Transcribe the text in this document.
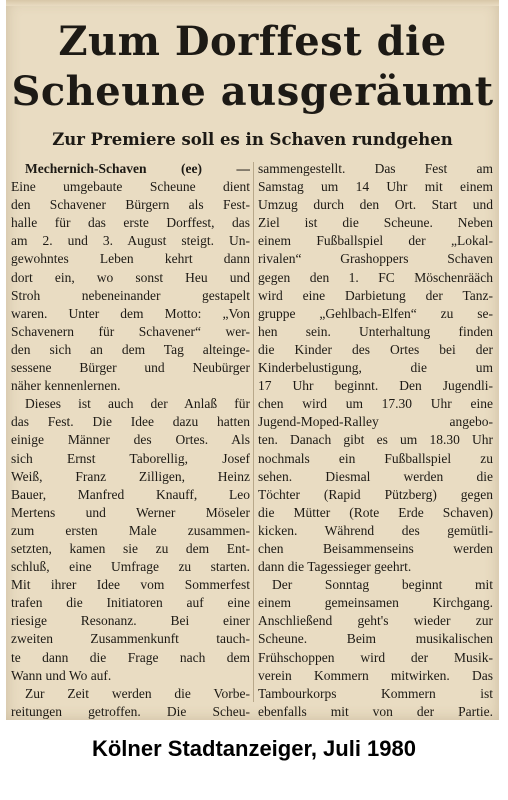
Zum Dorffest die
Scheune ausgeräumt
Zur Premiere soll es in Schaven rundgehen
Mechernich-Schaven (ee) —
Eine umgebaute Scheune dient
den Schavener Bürgern als Fest-
halle für das erste Dorffest, das
am 2. und 3. August steigt. Un-
gewohntes Leben kehrt dann
dort ein, wo sonst Heu und
Stroh nebeneinander gestapelt
waren. Unter dem Motto: „Von
Schavenern für Schavener“ wer-
den sich an dem Tag alteinge-
sessene Bürger und Neubürger
näher kennenlernen.
Dieses ist auch der Anlaß für
das Fest. Die Idee dazu hatten
einige Männer des Ortes. Als
sich Ernst Taborellig, Josef
Weiß, Franz Zilligen, Heinz
Bauer, Manfred Knauff, Leo
Mertens und Werner Möseler
zum ersten Male zusammen-
setzten, kamen sie zu dem Ent-
schluß, eine Umfrage zu starten.
Mit ihrer Idee vom Sommerfest
trafen die Initiatoren auf eine
riesige Resonanz. Bei einer
zweiten Zusammenkunft tauch-
te dann die Frage nach dem
Wann und Wo auf.
Zur Zeit werden die Vorbe-
reitungen getroffen. Die Scheu-
sammengestellt. Das Fest am
Samstag um 14 Uhr mit einem
Umzug durch den Ort. Start und
Ziel ist die Scheune. Neben
einem Fußballspiel der „Lokal-
rivalen“ Grashoppers Schaven
gegen den 1. FC Möschenrääch
wird eine Darbietung der Tanz-
gruppe „Gehlbach-Elfen“ zu se-
hen sein. Unterhaltung finden
die Kinder des Ortes bei der
Kinderbelustigung, die um
17 Uhr beginnt. Den Jugendli-
chen wird um 17.30 Uhr eine
Jugend-Moped-Ralley angebo-
ten. Danach gibt es um 18.30 Uhr
nochmals ein Fußballspiel zu
sehen. Diesmal werden die
Töchter (Rapid Pützberg) gegen
die Mütter (Rote Erde Schaven)
kicken. Während des gemütli-
chen Beisammenseins werden
dann die Tagessieger geehrt.
Der Sonntag beginnt mit
einem gemeinsamen Kirchgang.
Anschließend geht's wieder zur
Scheune. Beim musikalischen
Frühschoppen wird der Musik-
verein Kommern mitwirken. Das
Tambourkorps Kommern ist
ebenfalls mit von der Partie.
Kölner Stadtanzeiger, Juli 1980
